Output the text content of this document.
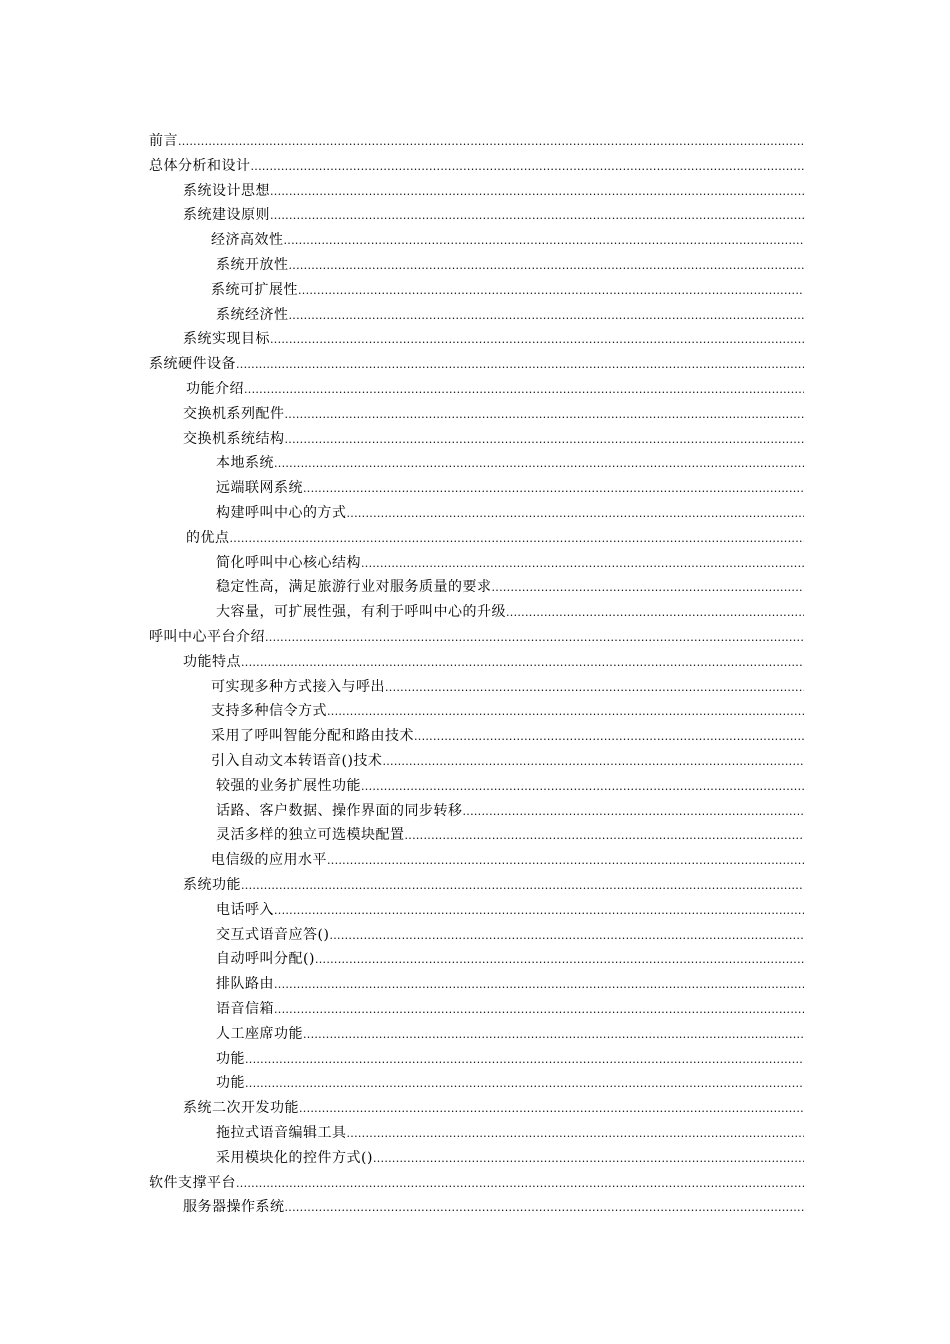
前言
.....
总体分析和设计
.....
系统设计思想
.....
系统建设原则
.....
经济高效性
.....
系统开放性
.....
系统可扩展性
.....
系统经济性
.....
系统实现目标
.....
系统硬件设备
.....
功能介绍
.....
交换机系列配件
.....
交换机系统结构
.....
本地系统
.....
远端联网系统
.....
构建呼叫中心的方式
.....
的优点
.....
简化呼叫中心核心结构
.....
稳定性高，满足旅游行业对服务质量的要求
.....
大容量，可扩展性强，有利于呼叫中心的升级
.....
呼叫中心平台介绍
.....
功能特点
.....
可实现多种方式接入与呼出
.....
支持多种信令方式
.....
采用了呼叫智能分配和路由技术
.....
引入自动文本转语音()技术
.....
较强的业务扩展性功能
.....
话路、客户数据、操作界面的同步转移
.....
灵活多样的独立可选模块配置
.....
电信级的应用水平
.....
系统功能
.....
电话呼入
.....
交互式语音应答()
.....
自动呼叫分配()
.....
排队路由
.....
语音信箱
.....
人工座席功能
.....
功能
.....
功能
.....
系统二次开发功能
.....
拖拉式语音编辑工具
.....
采用模块化的控件方式()
.....
软件支撑平台
.....
服务器操作系统
.....
